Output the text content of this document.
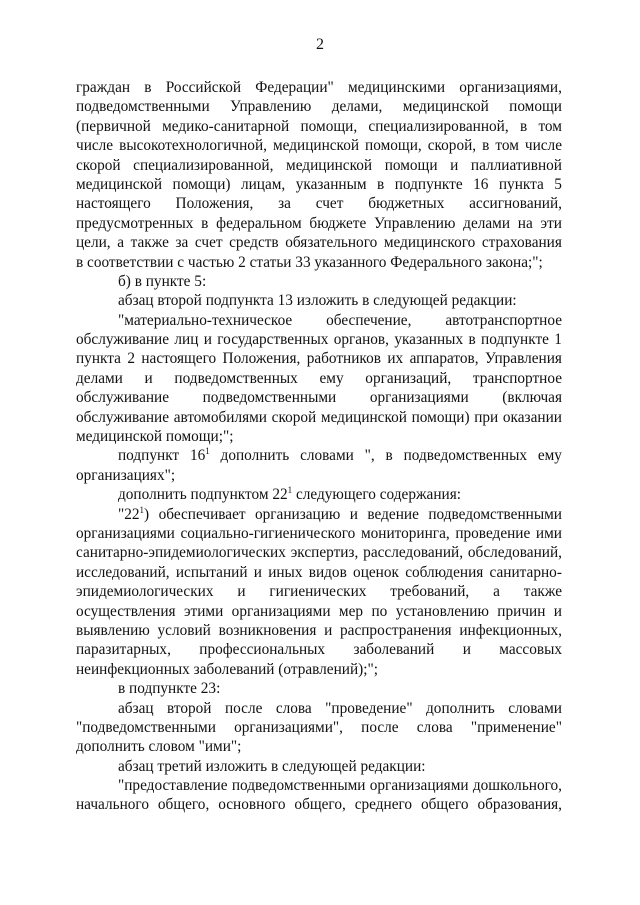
2
граждан в Российской Федерации" медицинскими организациями,
подведомственными Управлению делами, медицинской помощи
(первичной медико-санитарной помощи, специализированной, в том
числе высокотехнологичной, медицинской помощи, скорой, в том числе
скорой специализированной, медицинской помощи и паллиативной
медицинской помощи) лицам, указанным в подпункте 16 пункта 5
настоящего Положения, за счет бюджетных ассигнований,
предусмотренных в федеральном бюджете Управлению делами на эти
цели, а также за счет средств обязательного медицинского страхования
в соответствии с частью 2 статьи 33 указанного Федерального закона;";
б) в пункте 5:
абзац второй подпункта 13 изложить в следующей редакции:
"материально-техническое обеспечение, автотранспортное
обслуживание лиц и государственных органов, указанных в подпункте 1
пункта 2 настоящего Положения, работников их аппаратов, Управления
делами и подведомственных ему организаций, транспортное
обслуживание подведомственными организациями (включая
обслуживание автомобилями скорой медицинской помощи) при оказании
медицинской помощи;";
подпункт $16^1$ дополнить словами ", в подведомственных ему
организациях";
дополнить подпунктом $22^1$ следующего содержания:
"$22^1$) обеспечивает организацию и ведение подведомственными
организациями социально-гигиенического мониторинга, проведение ими
санитарно-эпидемиологических экспертиз, расследований, обследований,
исследований, испытаний и иных видов оценок соблюдения санитарно-
эпидемиологических и гигиенических требований, а также
осуществления этими организациями мер по установлению причин и
выявлению условий возникновения и распространения инфекционных,
паразитарных, профессиональных заболеваний и массовых
неинфекционных заболеваний (отравлений);";
в подпункте 23:
абзац второй после слова "проведение" дополнить словами
"подведомственными организациями", после слова "применение"
дополнить словом "ими";
абзац третий изложить в следующей редакции:
"предоставление подведомственными организациями дошкольного,
начального общего, основного общего, среднего общего образования,
